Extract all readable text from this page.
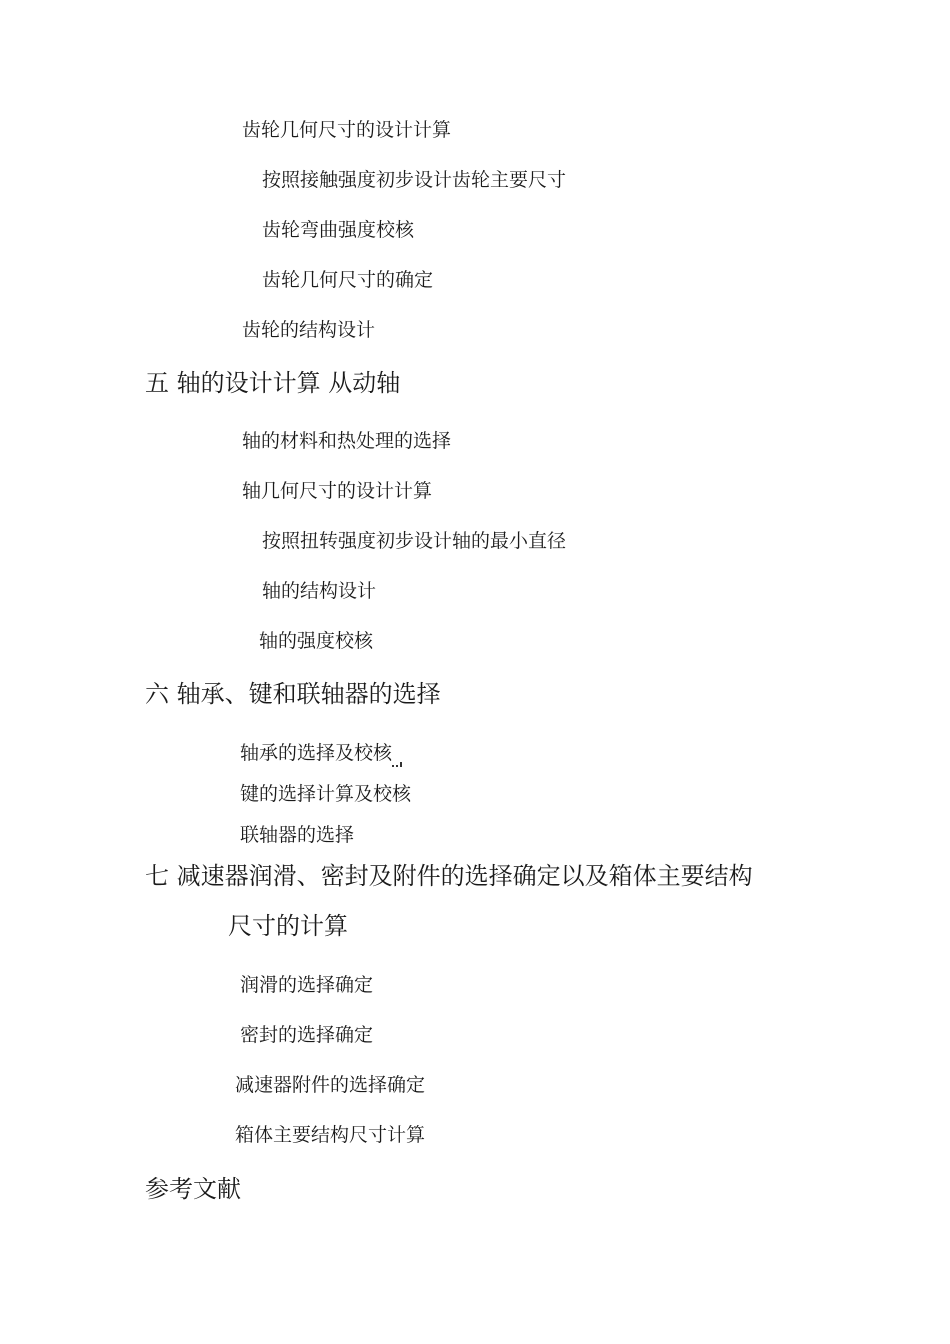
齿轮几何尺寸的设计计算
按照接触强度初步设计齿轮主要尺寸
齿轮弯曲强度校核
齿轮几何尺寸的确定
齿轮的结构设计
五 轴的设计计算 从动轴
轴的材料和热处理的选择
轴几何尺寸的设计计算
按照扭转强度初步设计轴的最小直径
轴的结构设计
轴的强度校核
六 轴承、键和联轴器的选择
轴承的选择及校核
键的选择计算及校核
联轴器的选择
七 减速器润滑、密封及附件的选择确定以及箱体主要结构
尺寸的计算
润滑的选择确定
密封的选择确定
减速器附件的选择确定
箱体主要结构尺寸计算
参考文献
